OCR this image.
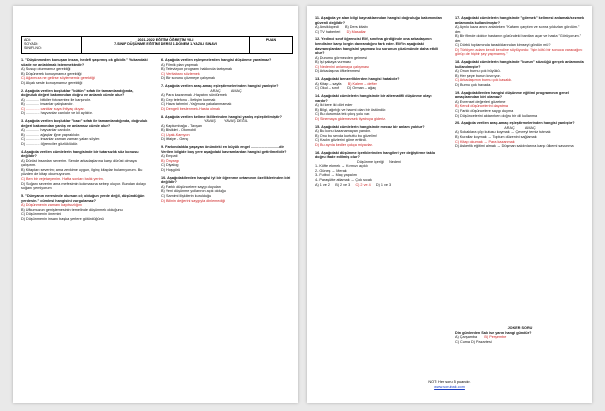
ADI:
SOYADI:
SINIFI-NO:
2021-2022 EĞİTİM ÖĞRETİM YILI
7.SINIF DÜŞÜNME EĞİTİMİ DERSİ 1.DÖNEM 1.YAZILI SINAVI
PUAN
1. "Düşünmeden konuşan insan, hedefi şaşırmış ok gibidir." Yukarıdaki sözde ne anlatılmak istenmektedir?
A) Susup oturmamız gerektiği
B) Düşünerek konuşmamız gerektiği
C) Ağzımıza ne gelirse söylememiz gerektiği
D) Alçak sesle konuşmamız gerektiği
2. Aşağıda verilen boşluklar "bütün" sıfatı ile tamamlandığında, doğruluk değeri bakımından doğru ve anlamlı cümle olur?
A) ............. bitkiler fotosentez ile karşındır.
B) ............. insanlar çalışkandır.
C) ............. canlılar suya ihtiyaç duyar.
D) ............. hayvanlar canlıdır ve kil aylıktır.
3. Aşağıda verilen boşluklar "bazı" sıfatı ile tamamlandığında, doğruluk değeri bakımından yanlış ve anlamsız cümle olur?
A) ............. hayvanlar canlıdır.
B) ............. ağaçlar iğne yapraklıdır.
C) ............. insanlar zaman zaman yalan söyler.
D) ............. öğrenciler gözlüklüdür.
4.Aşağıda verilen cümlelerin hangisinde bir tutarsızlık söz konusu değildir?
A) Dürüst insanları severim. Sende arkadaşlarına karşı dürüst olmaya çalışırım.
B) Kitapları severim; ama zevkime uygun, ilginç kitaplar bulamıyorum. Bu yüzden de kitap okumuyorum.
C) Ben bir vejetaryenim. Hafta sonları balık yerim.
D) Soğanı severim ama mefesimin kokmasına sebep oluyor. Bundan dolayı soğanı yemiyorum
5. "Dünyanın neresinde olursan ol; olduğun yerde değil, düşündüğün yerdesin." cümlesi hangisini vurgulamaz?
A) Düşünmenin zamanı kayıtsızlığını
B) Ufkumuzun genişlemesinin temelinde düşünmek olduğunu
C) Düşünmenin önemini
D) Düşünmenin insanı başka yerlere götürdüğünü
6. Aşağıda verilen eşleşmelerden hangisi düşünme yaratmaz?
A) Filmik plan yapmak
B) Televizyon programı hakkında tartışmak
C) Veritabanı sözlemek
D) Bir sorunu çözmeye çalışmak
7. Aşağıda verilen araç-amaç eşleştirmelerinden hangisi yanlıştır?
ARAÇ          AMAÇ
A) Para kazanmak -Hayatını sürdürmek
B) Cep telefonu - İletişim kurmak
C) Hava tahmini -Yağmura yakalanmamak
D) Dengeli beslenmek-Hasta olmak
8. Aşağıda verilen kelime ikililerinden hangisi yanlış eşleştirilmiştir?
YAVAŞ        YAVAŞ DEĞİL
A) Kaplumbağa - Tavşan
B) Bisiklet - Otomobil
C) Uçak-Kamyon
D) İtfaiye - Genç
9. Farkındalıkla yaşayan önündeki en büyük engel ...........................dir
Verilen bilgide boş yere aşağıdaki kavramlardan hangisi getirilmelidir?
A) Empati
B) Önyargı
C) Diyalog
D) Hoşgörü
10. Aşağıdakilerden hangisi iyi bir öğrenme ortamının özelliklerinden biri değildir?
A) Farklı düşüncelere saygı duyulan
B) Yeni düşünme yollarının açık olduğu
C) Samimi ilişkilerin kurulduğu
D) Bilinin değerini saygıyla dinlemediği
11. Aşağıda ye alan bilgi kaynaklarından hangisi doğruluğu bakımından güvenli değildir?
A) Ansiklopedi      B) Ders kitabı
C) TV haberleri      D) Masallar
12. Yedinci sınıf öğrencisi Elif, sınıfına girdiğinde ona arkadaşının kendisine karşı lorgin davrandığını fark eder. Elif'in aşağıdaki davranışlardan hangisini yapması bu sorunun çözümünde daha etkili olur?
A) Durumu görmezden gelmesi
B) İşi şakaya vurması
C) Nedenini anlamaya çalışması
D) Arkadaşına öfkelenmesi
13. Aşağıdaki benzerliklerden hangisi hatalıdır?
A) Kitap – sayfa      B) Kalem – defter
C) Okul – sınıf        D) Orman – ağaç
14. Aşağıdaki cümlelerin hangisinde bir alternatifli düşünme olayı vardır?
A) İki kere iki dört eder
B) Bilgi, ağırlığı ve hacmi olan bir üstündür.
C) Bu durumda tek çıkış yolu var.
D) Sinemaya gidemezsek tiyatroya gideriz.
15. Aşağıdaki cümlelerin hangisinde mecaz bir anlam yoktur?
A) Bu konu kazanamayan yandın.
B) Onu bu sevda kurtuttu bu gözelim!
C) Kadın gözlerini göne erttirdi.
D) Bu ayrıla kedler çokça miyavlar.
16. Aşağıdaki düşünme içeriklerinden hangileri yer değiştirme taklo doğru ifade edilmiş olur?
Düşünme içeriği     Nedeni
1- Köfte ekmek → Kırmızı açıklı
2- Güneş → Merak
3- Futbol → Maç yapalım
4- Paraşütte atlamak → Çok sıcak
A) 1 ve 2     B) 2 ve 3     C) 2 ve 4     D) 1 ve 3
17. Aşağıdaki cümlelerin hangisinde "görmek" kelimesi anlamak/sezmek anlamında kullanılmıştır?
A) Ayrılo kaza anını anlatırken "Kafamı çarptım ve sonra yıldızları gördüm." der.
B) Bir filmde doktor hastanın gözündeki bantları açar ve hasta "Görüyorum." der.
C) Dürbü toplamında taradıklarından kimseyi gördün mü?
D) Türkiyen adam kendi kendine söylüyordu: "İşin kötü bir sonuca varacağını görüp de hiçbir şey yapmamış."
18. Aşağıdaki cümlelerin hangisinde "burun" sözcüğü gerçek anlamında kullanılmıştır?
A) Onun burnu çok büyükü.
B) Her şeye burun kıvırıyor.
C) Arkadaşımın burnu çok kasaldı.
D) Burnu çok havada.
19. Aşağıdakilerden hangisi düşünme eğitimi programının genel amaçlarından biri olamaz?
A) Evrensel değerleri gözetme
B) Kendi düşüncelerini dayatma
C) Farklı düşüncelere saygı duyma
D) Düşüncelerini aktarırken doğru bir dil kullanma
20. Aşağıda verilen araç-amaç eşleştirmelerinden hangisi yanlıştır?
ARAÇ          AMAÇ
A) Sokaklara çöp kutusu koymak → Çevreyi temiz tutmak
B) Kurallar koymak → Toplum düzenini sağlamak
C) Kitap okumak → Para kazanmak
D) Askerlik eğitimi almak → Düşman saldırılarına karşı ülkemi savunma
JOKER SORU
Din günlerden Salı ise yarın hangi gündür?
A) Çarşamba B) Perşembe
C) Cuma D) Pazartesi
NOT: Her soru 5 puandır.
www.sorubak.com
